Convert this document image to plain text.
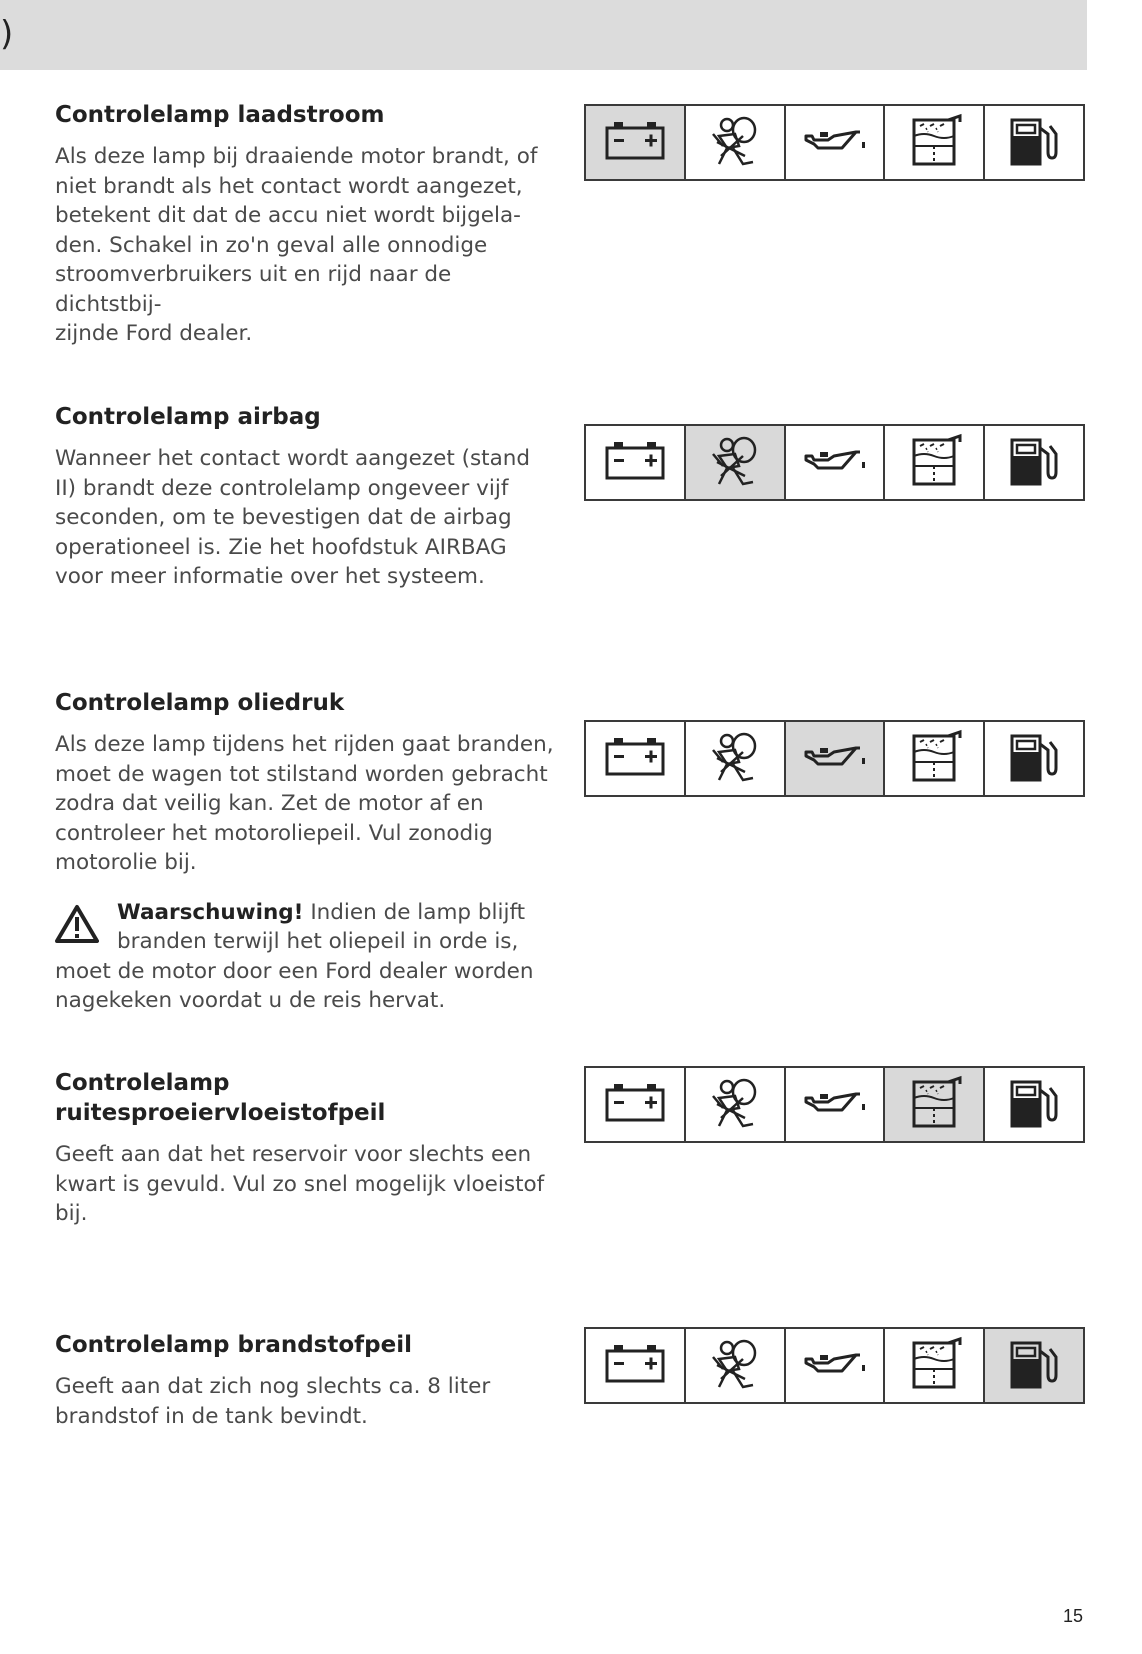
)
Controlelamp laadstroom

Als deze lamp bij draaiende motor brandt, of
niet brandt als het contact wordt aangezet,
betekent dit dat de accu niet wordt bijgela-
den. Schakel in zo'n geval alle onnodige
stroomverbruikers uit en rijd naar de dichtstbij-
zijnde Ford dealer.

Controlelamp airbag

Wanneer het contact wordt aangezet (stand
II) brandt deze controlelamp ongeveer vijf
seconden, om te bevestigen dat de airbag
operationeel is. Zie het hoofdstuk AIRBAG
voor meer informatie over het systeem.

Controlelamp oliedruk

Als deze lamp tijdens het rijden gaat branden,
moet de wagen tot stilstand worden gebracht
zodra dat veilig kan. Zet de motor af en
controleer het motoroliepeil. Vul zonodig
motorolie bij.

Waarschuwing! Indien de lamp blijft
branden terwijl het oliepeil in orde is,
moet de motor door een Ford dealer worden
nagekeken voordat u de reis hervat.

Controlelamp
ruitesproeiervloeistofpeil

Geeft aan dat het reservoir voor slechts een
kwart is gevuld. Vul zo snel mogelijk vloeistof
bij.

Controlelamp brandstofpeil

Geeft aan dat zich nog slechts ca. 8 liter
brandstof in de tank bevindt.

15
